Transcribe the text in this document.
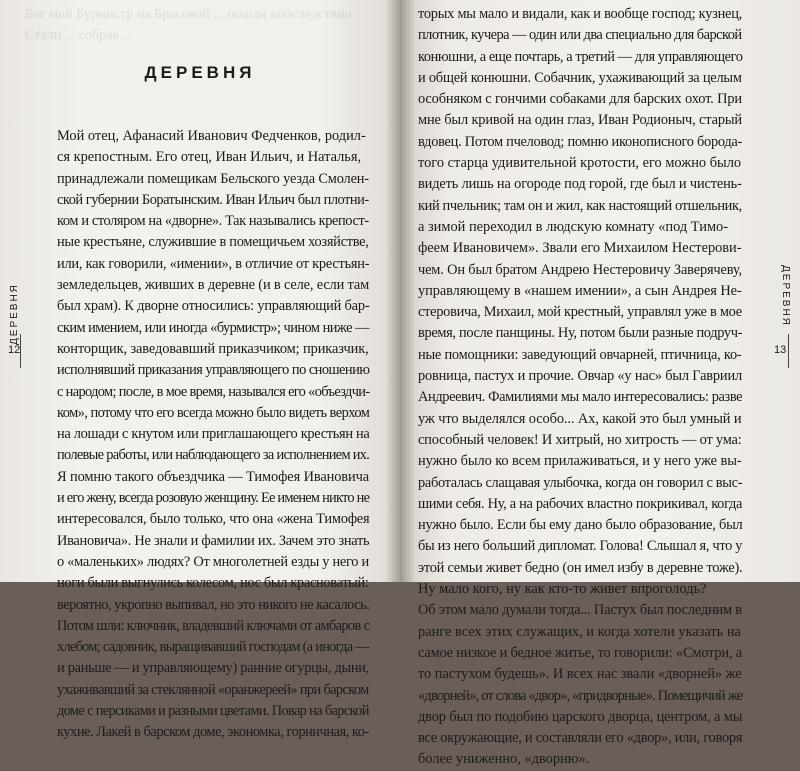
Бог мой Бурмистр на Брасовой ... пошли впоследствии Стали ... собрав ...
ДЕРЕВНЯ
Мой отец, Афанасий Иванович Федченков, родил-
ся крепостным. Его отец, Иван Ильич, и Наталья,
принадлежали помещикам Бельского уезда Смолен-
ской губернии Боратынским. Иван Ильич был плотни-
ком и столяром на «дворне». Так назывались крепост-
ные крестьяне, служившие в помещичьем хозяйстве,
или, как говорили, «имении», в отличие от крестьян-
земледельцев, живших в деревне (и в селе, если там
был храм). К дворне относились: управляющий бар-
ским имением, или иногда «бурмистр»; чином ниже —
конторщик, заведовавший приказчиком; приказчик,
исполнявший приказания управляющего по сношению
с народом; после, в мое время, назывался его «объездчи-
ком», потому что его всегда можно было видеть верхом
на лошади с кнутом или приглашающего крестьян на
полевые работы, или наблюдающего за исполнением их.
Я помню такого объездчика — Тимофея Ивановича
и его жену, всегда розовую женщину. Ее именем никто не
интересовался, было только, что она «жена Тимофея
Ивановича». Не знали и фамилии их. Зачем это знать
о «маленьких» людях? От многолетней езды у него и
ноги были выгнулись колесом, нос был красноватый:
вероятно, укропно выпивал, но это никого не касалось.
Потом шли: ключник, владевший ключами от амбаров с
хлебом; садовник, выращивавший господам (а иногда —
и раньше — и управляющему) ранние огурцы, дыни,
ухаживавший за стеклянной «оранжереей» при барском
доме с персиками и разными цветами. Повар на барской
кухне. Лакей в барском доме, экономка, горничная, ко-
торых мы мало и видали, как и вообще господ; кузнец,
плотник, кучера — один или два специально для барской
конюшни, а еще почтарь, а третий — для управляющего
и общей конюшни. Собачник, ухаживающий за целым
особняком с гончими собаками для барских охот. При
мне был кривой на один глаз, Иван Родионыч, старый
вдовец. Потом пчеловод; помню иконописного борода-
того старца удивительной кротости, его можно было
видеть лишь на огороде под горой, где был и чистень-
кий пчельник; там он и жил, как настоящий отшельник,
а зимой переходил в людскую комнату «под Тимо-
феем Ивановичем». Звали его Михаилом Нестерови-
чем. Он был братом Андрею Нестеровичу Заверячеву,
управляющему в «нашем имении», а сын Андрея Не-
стеровича, Михаил, мой крестный, управлял уже в мое
время, после панщины. Ну, потом были разные подруч-
ные помощники: заведующий овчарней, птичница, ко-
ровница, пастух и прочие. Овчар «у нас» был Гавриил
Андреевич. Фамилиями мы мало интересовались: разве
уж что выделялся особо... Ах, какой это был умный и
способный человек! И хитрый, но хитрость — от ума:
нужно было ко всем прилаживаться, и у него уже вы-
работалась слащавая улыбочка, когда он говорил с выс-
шими себя. Ну, а на рабочих властно покрикивал, когда
нужно было. Если бы ему дано было образование, был
бы из него больший дипломат. Голова! Слышал я, что у
этой семьи живет бедно (он имел избу в деревне тоже).
Ну мало кого, ну как кто-то живет впроголодь?
Об этом мало думали тогда... Пастух был последним в
ранге всех этих служащих, и когда хотели указать на
самое низкое и бедное житье, то говорили: «Смотри, а
то пастухом будешь». И всех нас звали «дворней» же
«дворней», от слова «двор», «придворные». Помещичий же
двор был по подобию царского дворца, центром, а мы
все окружающие, и составляли его «двор», или, говоря
более униженно, «дворню».
ДЕРЕВНЯ
12
ДЕРЕВНЯ
13
